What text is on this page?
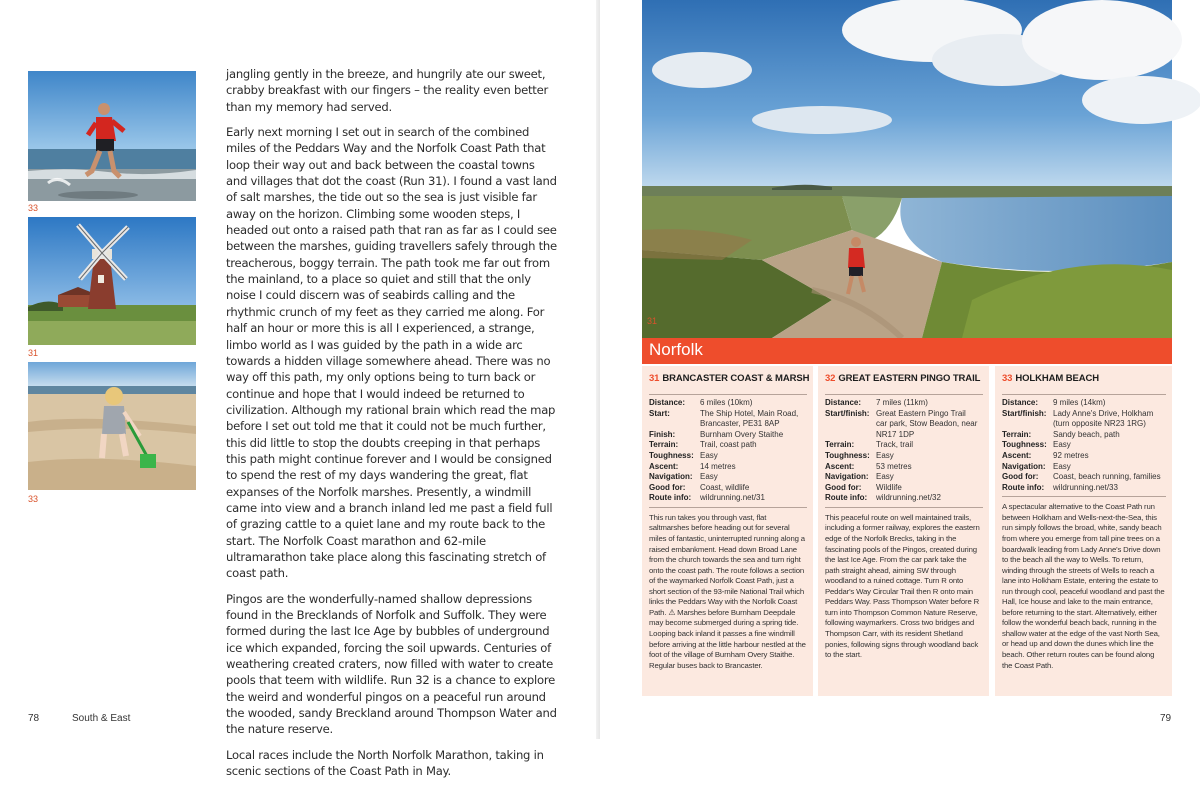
33
31
33

jangling gently in the breeze, and hungrily ate our sweet, crabby breakfast with our fingers – the reality even better than my memory had served.

Early next morning I set out in search of the combined miles of the Peddars Way and the Norfolk Coast Path that loop their way out and back between the coastal towns and villages that dot the coast (Run 31). I found a vast land of salt marshes, the tide out so the sea is just visible far away on the horizon. Climbing some wooden steps, I headed out onto a raised path that ran as far as I could see between the marshes, guiding travellers safely through the treacherous, boggy terrain. The path took me far out from the mainland, to a place so quiet and still that the only noise I could discern was of seabirds calling and the rhythmic crunch of my feet as they carried me along. For half an hour or more this is all I experienced, a strange, limbo world as I was guided by the path in a wide arc towards a hidden village somewhere ahead. There was no way off this path, my only options being to turn back or continue and hope that I would indeed be returned to civilization. Although my rational brain which read the map before I set out told me that it could not be much further, this did little to stop the doubts creeping in that perhaps this path might continue forever and I would be consigned to spend the rest of my days wandering the great, flat expanses of the Norfolk marshes. Presently, a windmill came into view and a branch inland led me past a field full of grazing cattle to a quiet lane and my route back to the start. The Norfolk Coast marathon and 62-mile ultramarathon take place along this fascinating stretch of coast path.

Pingos are the wonderfully-named shallow depressions found in the Brecklands of Norfolk and Suffolk. They were formed during the last Ice Age by bubbles of underground ice which expanded, forcing the soil upwards. Centuries of weathering created craters, now filled with water to create pools that teem with wildlife. Run 32 is a chance to explore the weird and wonderful pingos on a peaceful run around the wooded, sandy Breckland around Thompson Water and the nature reserve.

Local races include the North Norfolk Marathon, taking in scenic sections of the Coast Path in May.

78	South & East
31
Norfolk
31 BRANCASTER COAST & MARSH
Distance:	6 miles (10km)
Start:	The Ship Hotel, Main Road,
Brancaster, PE31 8AP
Finish:	Burnham Overy Staithe
Terrain:	Trail, coast path
Toughness: Easy
Ascent:	14 metres
Navigation: Easy
Good for:	Coast, wildlife
Route info:	wildrunning.net/31
This run takes you through vast, flat saltmarshes before heading out for several miles of fantastic, uninterrupted running along a raised embankment. Head down Broad Lane from the church towards the sea and turn right onto the coast path. The route follows a section of the waymarked Norfolk Coast Path, just a short section of the 93-mile National Trail which links the Peddars Way with the Norfolk Coast Path. ⚠ Marshes before Burnham Deepdale may become submerged during a spring tide. Looping back inland it passes a fine windmill before arriving at the little harbour nestled at the foot of the village of Burnham Overy Staithe. Regular buses back to Brancaster.
32 GREAT EASTERN PINGO TRAIL
Distance:	7 miles (11km)
Start/finish: Great Eastern Pingo Trail
car park, Stow Beadon, near
NR17 1DP
Terrain:	Track, trail
Toughness: Easy
Ascent:	53 metres
Navigation: Easy
Good for:	Wildlife
Route info:	wildrunning.net/32
This peaceful route on well maintained trails, including a former railway, explores the eastern edge of the Norfolk Brecks, taking in the fascinating pools of the Pingos, created during the last Ice Age. From the car park take the path straight ahead, aiming SW through woodland to a ruined cottage. Turn R onto Peddar's Way Circular Trail then R onto main Peddars Way. Pass Thompson Water before R turn into Thompson Common Nature Reserve, following waymarkers. Cross two bridges and Thompson Carr, with its resident Shetland ponies, following signs through woodland back to the start.
33 HOLKHAM BEACH
Distance:	9 miles (14km)
Start/finish: Lady Anne's Drive, Holkham
(turn opposite NR23 1RG)
Terrain:	Sandy beach, path
Toughness: Easy
Ascent:	92 metres
Navigation: Easy
Good for:	Coast, beach running, families
Route info:	wildrunning.net/33
A spectacular alternative to the Coast Path run between Holkham and Wells-next-the-Sea, this run simply follows the broad, white, sandy beach from where you emerge from tall pine trees on a boardwalk leading from Lady Anne's Drive down to the beach all the way to Wells. To return, winding through the streets of Wells to reach a lane into Holkham Estate, entering the estate to run through cool, peaceful woodland and past the Hall, Ice house and lake to the main entrance, before returning to the start. Alternatively, either follow the wonderful beach back, running in the shallow water at the edge of the vast North Sea, or head up and down the dunes which line the beach. Other return routes can be found along the Coast Path.
79
